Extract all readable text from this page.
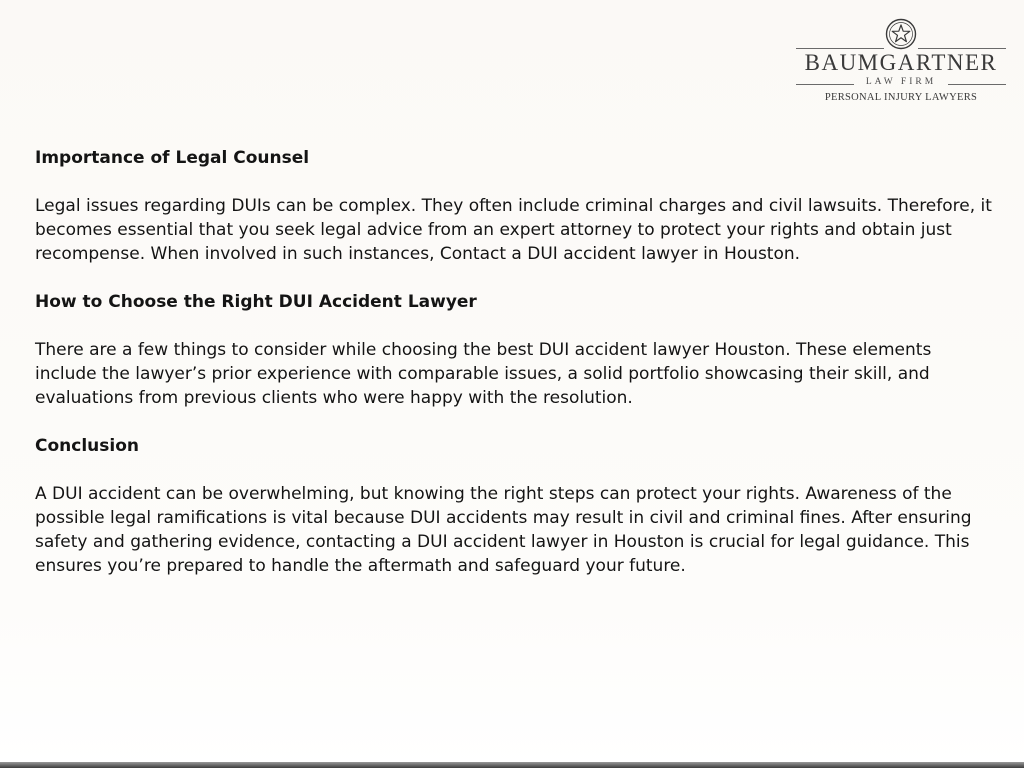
BAUMGARTNER
LAW FIRM
PERSONAL INJURY LAWYERS

Importance of Legal Counsel

Legal issues regarding DUIs can be complex. They often include criminal charges and civil lawsuits. Therefore, it becomes essential that you seek legal advice from an expert attorney to protect your rights and obtain just recompense. When involved in such instances, Contact a DUI accident lawyer in Houston.

How to Choose the Right DUI Accident Lawyer

There are a few things to consider while choosing the best DUI accident lawyer Houston. These elements include the lawyer’s prior experience with comparable issues, a solid portfolio showcasing their skill, and evaluations from previous clients who were happy with the resolution.

Conclusion

A DUI accident can be overwhelming, but knowing the right steps can protect your rights. Awareness of the possible legal ramifications is vital because DUI accidents may result in civil and criminal fines. After ensuring safety and gathering evidence, contacting a DUI accident lawyer in Houston is crucial for legal guidance. This ensures you’re prepared to handle the aftermath and safeguard your future.
